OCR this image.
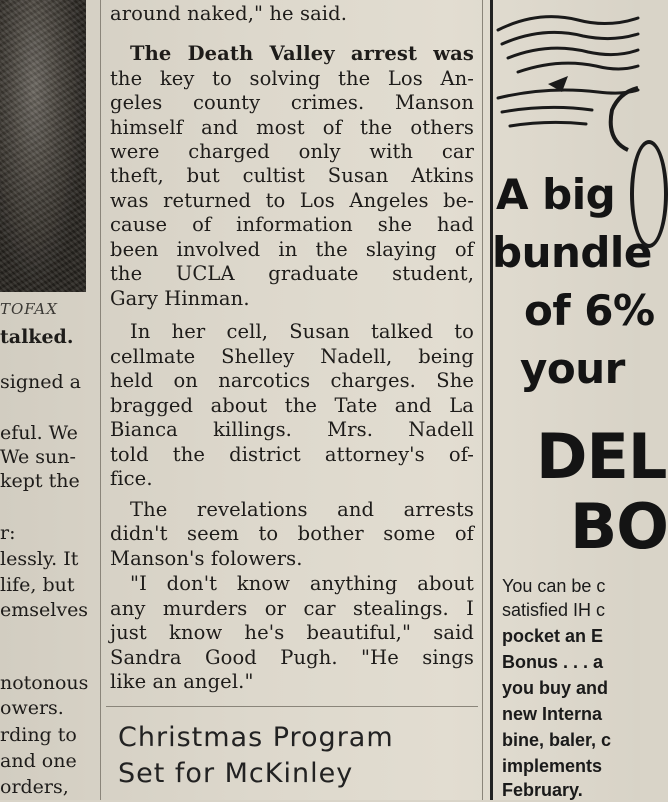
TOFAX
talked.
signed a
eful. We
We sun-
kept the
r:
lessly. It
life, but
emselves
notonous
owers.
rding to
and one
orders,
around naked," he said.
The Death Valley arrest was
the key to solving the Los An-
geles county crimes. Manson
himself and most of the others
were charged only with car
theft, but cultist Susan Atkins
was returned to Los Angeles be-
cause of information she had
been involved in the slaying of
the UCLA graduate student,
Gary Hinman.
In her cell, Susan talked to
cellmate Shelley Nadell, being
held on narcotics charges. She
bragged about the Tate and La
Bianca killings. Mrs. Nadell
told the district attorney's of-
fice.
The revelations and arrests
didn't seem to bother some of
Manson's folowers.
"I don't know anything about
any murders or car stealings. I
just know he's beautiful," said
Sandra Good Pugh. "He sings
like an angel."
Christmas Program
Set for McKinley
A big
bundle
of 6%
your
DEL
BO
You can be c
satisfied IH c
pocket an E
Bonus . . . a
you buy and
new Interna
bine, baler, c
implements
February.
